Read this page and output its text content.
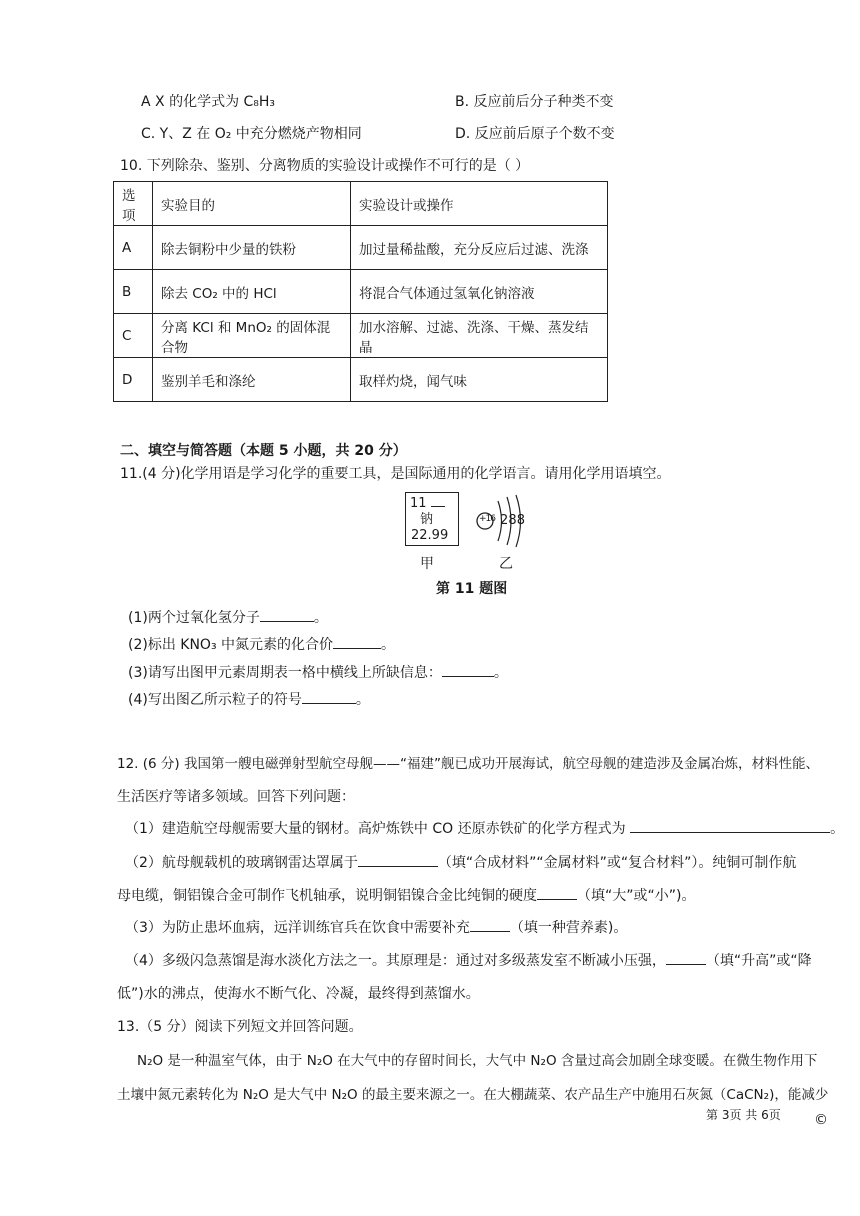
A X 的化学式为 C₈H₃	B. 反应前后分子种类不变
C. Y、Z 在 O₂ 中充分燃烧产物相同	D. 反应前后原子个数不变
10. 下列除杂、鉴别、分离物质的实验设计或操作不可行的是（ ）
选项	实验目的	实验设计或操作
A	除去铜粉中少量的铁粉	加过量稀盐酸，充分反应后过滤、洗涤
B	除去 CO₂ 中的 HCl	将混合气体通过氢氧化钠溶液
C	分离 KCl 和 MnO₂ 的固体混合物	加水溶解、过滤、洗涤、干燥、蒸发结晶
D	鉴别羊毛和涤纶	取样灼烧，闻气味
二、填空与简答题（本题 5 小题，共 20 分）
11.(4 分)化学用语是学习化学的重要工具，是国际通用的化学语言。请用化学用语填空。
11
钠
22.99
甲
+16 2 8 8
乙
第 11 题图
(1)两个过氧化氢分子	。
(2)标出 KNO₃ 中氮元素的化合价	。
(3)请写出图甲元素周期表一格中横线上所缺信息：	。
(4)写出图乙所示粒子的符号	。
12. (6 分) 我国第一艘电磁弹射型航空母舰——“福建”舰已成功开展海试，航空母舰的建造涉及金属冶炼，材料性能、
生活医疗等诸多领域。回答下列问题：
（1）建造航空母舰需要大量的钢材。高炉炼铁中 CO 还原赤铁矿的化学方程式为	。
（2）航母舰载机的玻璃钢雷达罩属于	（填“合成材料”“金属材料”或“复合材料”）。纯铜可制作航
母电缆，铜铝镍合金可制作飞机轴承，说明铜铝镍合金比纯铜的硬度	（填“大”或“小”)。
（3）为防止患坏血病，远洋训练官兵在饮食中需要补充	（填一种营养素)。
（4）多级闪急蒸馏是海水淡化方法之一。其原理是：通过对多级蒸发室不断减小压强，	（填“升高”或“降
低”)水的沸点，使海水不断气化、冷凝，最终得到蒸馏水。
13.（5 分）阅读下列短文并回答问题。
N₂O 是一种温室气体，由于 N₂O 在大气中的存留时间长，大气中 N₂O 含量过高会加剧全球变暖。在微生物作用下
土壤中氮元素转化为 N₂O 是大气中 N₂O 的最主要来源之一。在大棚蔬菜、农产品生产中施用石灰氮（CaCN₂)，能减少
第 3页 共 6页 ©
